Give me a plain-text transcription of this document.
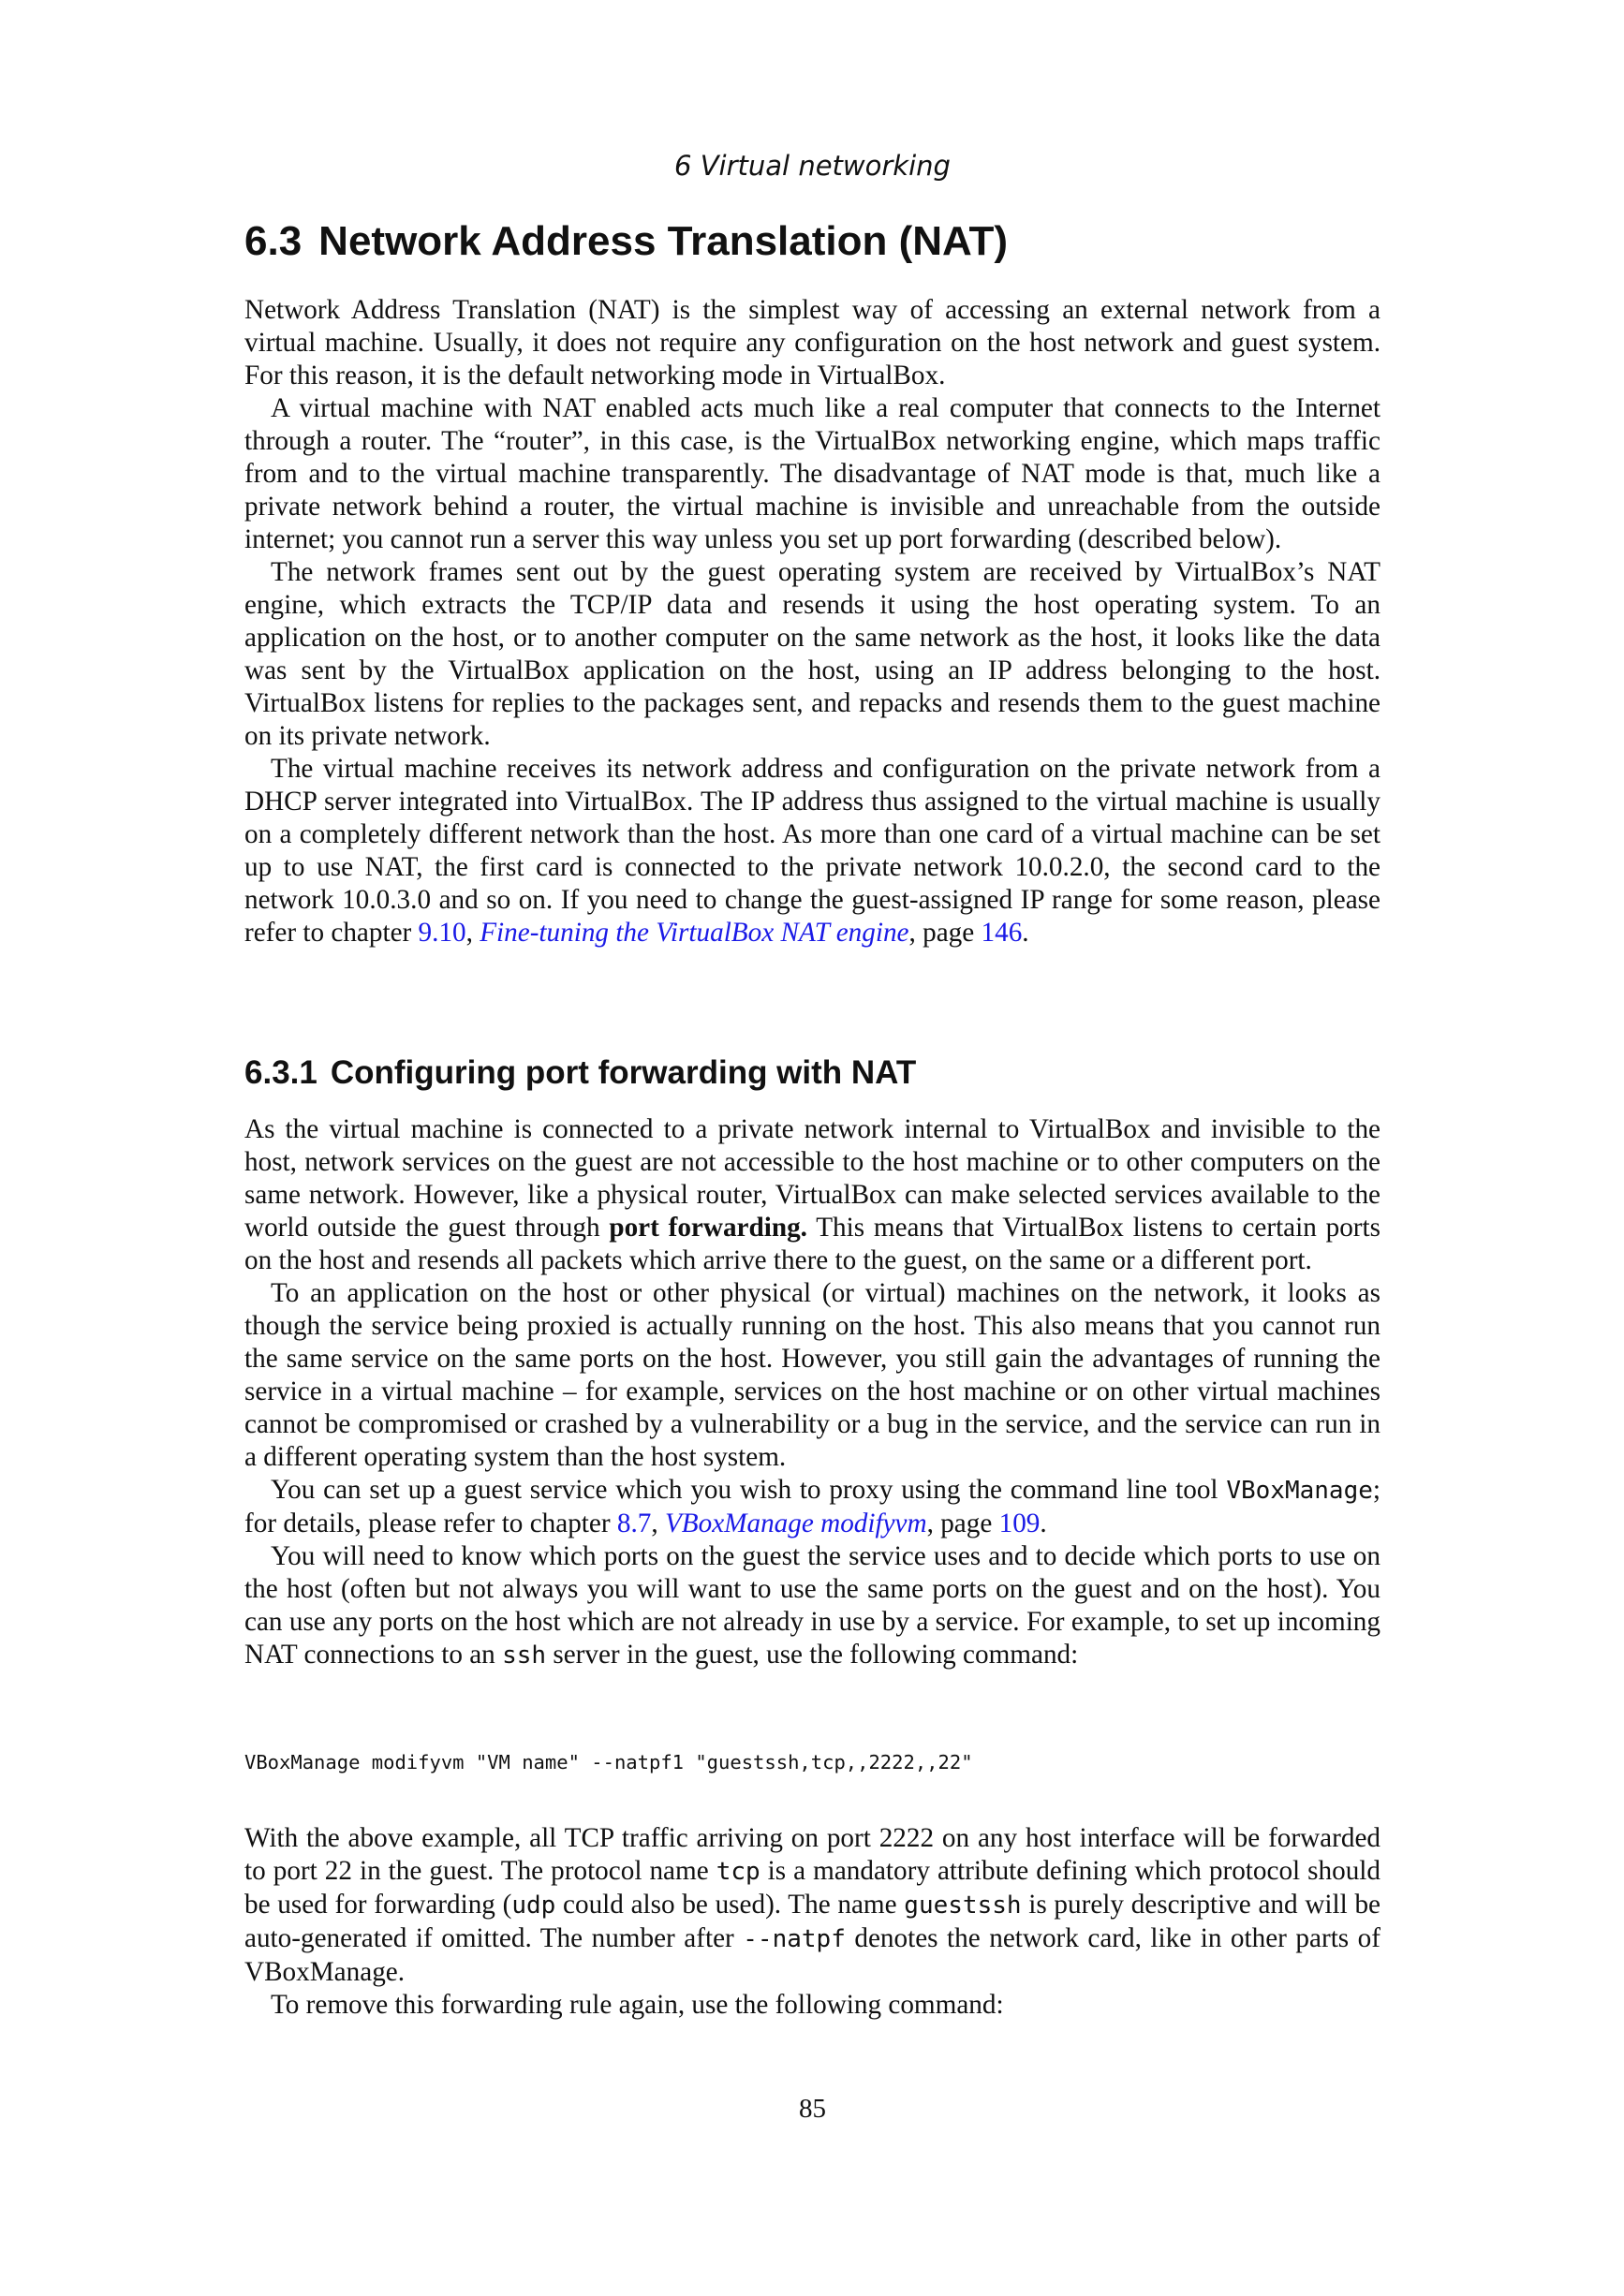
6 Virtual networking
6.3 Network Address Translation (NAT)

Network Address Translation (NAT) is the simplest way of accessing an external network from a virtual machine. Usually, it does not require any configuration on the host network and guest system. For this reason, it is the default networking mode in VirtualBox.

A virtual machine with NAT enabled acts much like a real computer that connects to the Internet through a router. The “router”, in this case, is the VirtualBox networking engine, which maps traffic from and to the virtual machine transparently. The disadvantage of NAT mode is that, much like a private network behind a router, the virtual machine is invisible and unreachable from the outside internet; you cannot run a server this way unless you set up port forwarding (described below).

The network frames sent out by the guest operating system are received by VirtualBox’s NAT engine, which extracts the TCP/IP data and resends it using the host operating system. To an application on the host, or to another computer on the same network as the host, it looks like the data was sent by the VirtualBox application on the host, using an IP address belonging to the host. VirtualBox listens for replies to the packages sent, and repacks and resends them to the guest machine on its private network.

The virtual machine receives its network address and configuration on the private network from a DHCP server integrated into VirtualBox. The IP address thus assigned to the virtual machine is usually on a completely different network than the host. As more than one card of a virtual machine can be set up to use NAT, the first card is connected to the private network 10.0.2.0, the second card to the network 10.0.3.0 and so on. If you need to change the guest-assigned IP range for some reason, please refer to chapter 9.10, Fine-tuning the VirtualBox NAT engine, page 146.

6.3.1 Configuring port forwarding with NAT

As the virtual machine is connected to a private network internal to VirtualBox and invisible to the host, network services on the guest are not accessible to the host machine or to other computers on the same network. However, like a physical router, VirtualBox can make selected services available to the world outside the guest through port forwarding. This means that VirtualBox listens to certain ports on the host and resends all packets which arrive there to the guest, on the same or a different port.

To an application on the host or other physical (or virtual) machines on the network, it looks as though the service being proxied is actually running on the host. This also means that you cannot run the same service on the same ports on the host. However, you still gain the advantages of running the service in a virtual machine – for example, services on the host machine or on other virtual machines cannot be compromised or crashed by a vulnerability or a bug in the service, and the service can run in a different operating system than the host system.

You can set up a guest service which you wish to proxy using the command line tool VBoxManage; for details, please refer to chapter 8.7, VBoxManage modifyvm, page 109.

You will need to know which ports on the guest the service uses and to decide which ports to use on the host (often but not always you will want to use the same ports on the guest and on the host). You can use any ports on the host which are not already in use by a service. For example, to set up incoming NAT connections to an ssh server in the guest, use the following command:

VBoxManage modifyvm "VM name" --natpf1 "guestssh,tcp,,2222,,22"

With the above example, all TCP traffic arriving on port 2222 on any host interface will be forwarded to port 22 in the guest. The protocol name tcp is a mandatory attribute defining which protocol should be used for forwarding (udp could also be used). The name guestssh is purely descriptive and will be auto-generated if omitted. The number after --natpf denotes the network card, like in other parts of VBoxManage.

To remove this forwarding rule again, use the following command:

85
